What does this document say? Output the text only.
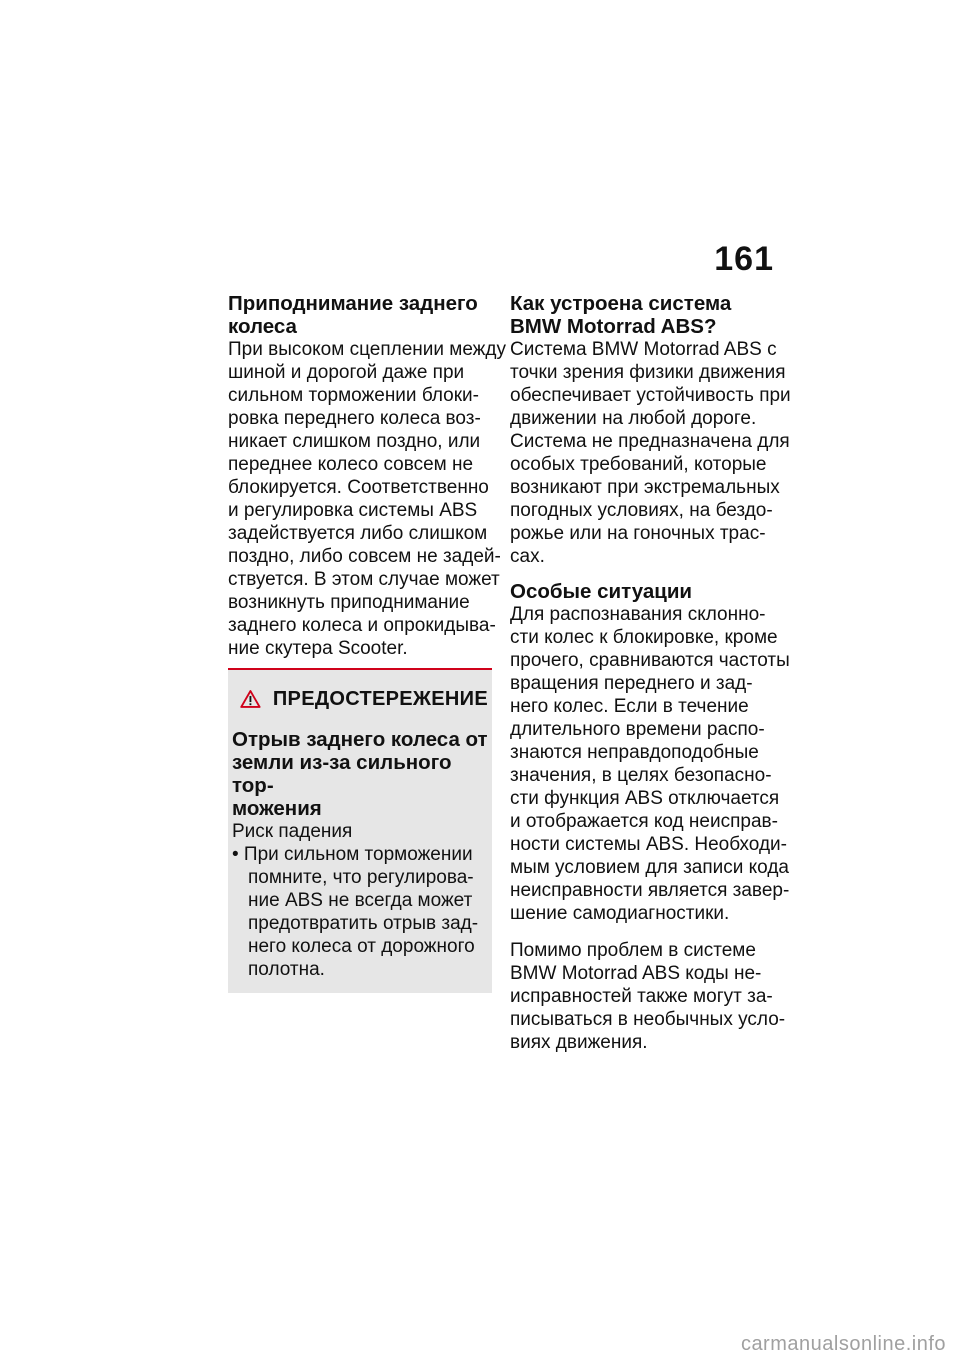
161
Приподнимание заднего
колеса
При высоком сцеплении между
шиной и дорогой даже при
сильном торможении блоки-
ровка переднего колеса воз-
никает слишком поздно, или
переднее колесо совсем не
блокируется. Соответственно
и регулировка системы ABS
задействуется либо слишком
поздно, либо совсем не задей-
ствуется. В этом случае может
возникнуть приподнимание
заднего колеса и опрокидыва-
ние скутера Scooter.
ПРЕДОСТЕРЕЖЕНИЕ
Отрыв заднего колеса от
земли из-за сильного тор-
можения
Риск падения
• При сильном торможении
помните, что регулирова-
ние ABS не всегда может
предотвратить отрыв зад-
него колеса от дорожного
полотна.
Как устроена система
BMW Motorrad ABS?
Система BMW Motorrad ABS с
точки зрения физики движения
обеспечивает устойчивость при
движении на любой дороге.
Система не предназначена для
особых требований, которые
возникают при экстремальных
погодных условиях, на бездо-
рожье или на гоночных трас-
сах.
Особые ситуации
Для распознавания склонно-
сти колес к блокировке, кроме
прочего, сравниваются частоты
вращения переднего и зад-
него колес. Если в течение
длительного времени распо-
знаются неправдоподобные
значения, в целях безопасно-
сти функция ABS отключается
и отображается код неисправ-
ности системы ABS. Необходи-
мым условием для записи кода
неисправности является завер-
шение самодиагностики.
Помимо проблем в системе
BMW Motorrad ABS коды не-
исправностей также могут за-
писываться в необычных усло-
виях движения.
carmanualsonline.info
